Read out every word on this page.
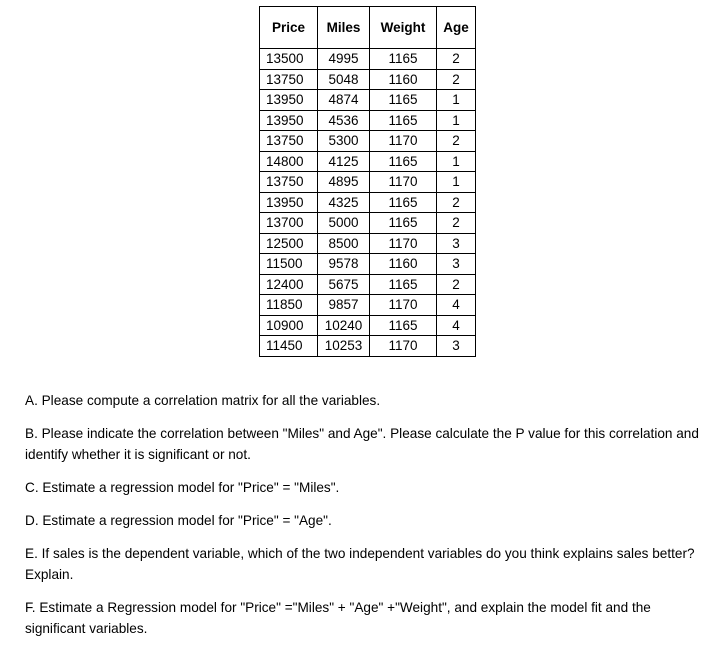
Price	Miles	Weight	Age
13500	4995	1165	2
13750	5048	1160	2
13950	4874	1165	1
13950	4536	1165	1
13750	5300	1170	2
14800	4125	1165	1
13750	4895	1170	1
13950	4325	1165	2
13700	5000	1165	2
12500	8500	1170	3
11500	9578	1160	3
12400	5675	1165	2
11850	9857	1170	4
10900	10240	1165	4
11450	10253	1170	3

A. Please compute a correlation matrix for all the variables.

B. Please indicate the correlation between "Miles" and Age". Please calculate the P value for this correlation and identify whether it is significant or not.

C. Estimate a regression model for "Price" = "Miles".

D. Estimate a regression model for "Price" = "Age".

E. If sales is the dependent variable, which of the two independent variables do you think explains sales better? Explain.

F. Estimate a Regression model for "Price" ="Miles" + "Age" +"Weight", and explain the model fit and the significant variables.
